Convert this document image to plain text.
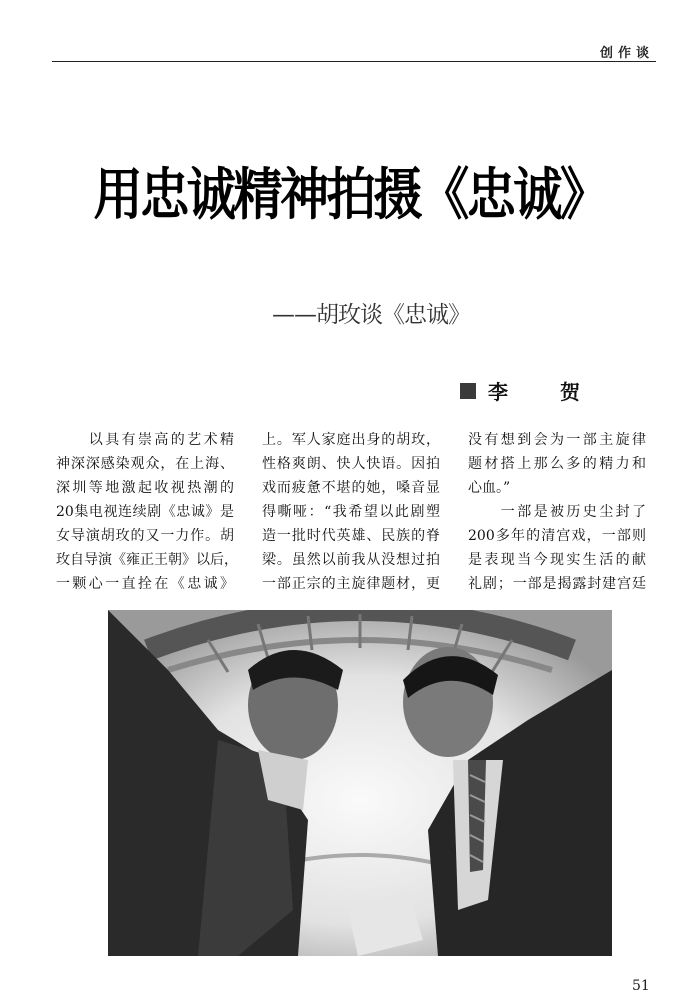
创作谈
用忠诚精神拍摄《忠诚》
——胡玫谈《忠诚》
李　贺
　　以具有崇高的艺术精
神深深感染观众，在上海、
深圳等地激起收视热潮的
20集电视连续剧《忠诚》是
女导演胡玫的又一力作。胡
玫自导演《雍正王朝》以后，
一颗心一直拴在《忠诚》
上。军人家庭出身的胡玫，
性格爽朗、快人快语。因拍
戏而疲惫不堪的她，嗓音显
得嘶哑：“我希望以此剧塑
造一批时代英雄、民族的脊
梁。虽然以前我从没想过拍
一部正宗的主旋律题材，更
没有想到会为一部主旋律
题材搭上那么多的精力和
心血。”
　　一部是被历史尘封了
200多年的清宫戏，一部则
是表现当今现实生活的献
礼剧；一部是揭露封建宫廷
51
